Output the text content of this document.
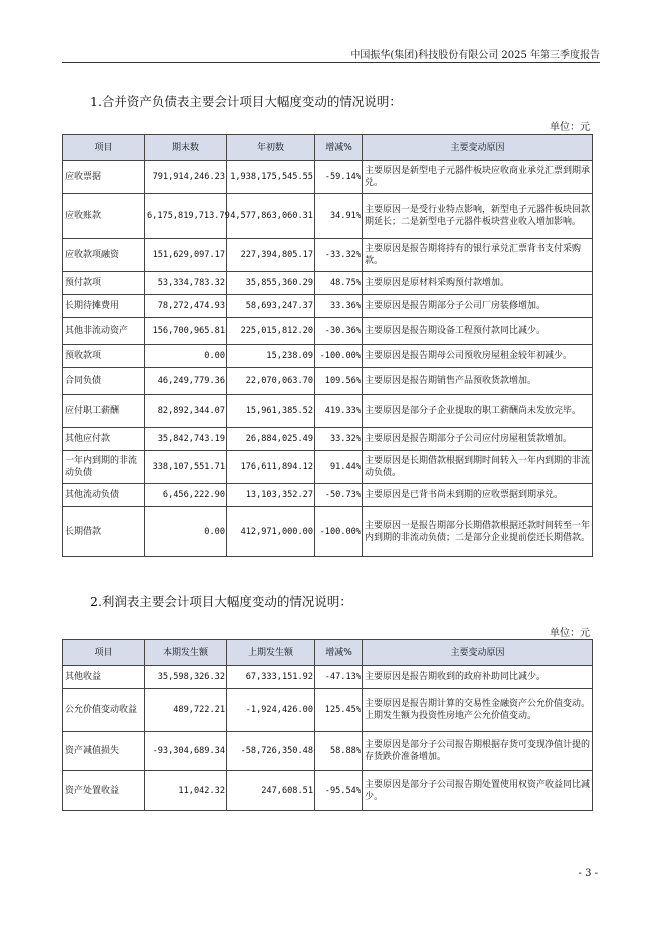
中国振华(集团)科技股份有限公司 2025 年第三季度报告
1.合并资产负债表主要会计项目大幅度变动的情况说明：
单位：元
项目	期末数	年初数	增减%	主要变动原因
应收票据	791,914,246.23	1,938,175,545.55	-59.14%	主要原因是新型电子元器件板块应收商业承兑汇票到期承兑。
应收账款	6,175,819,713.79	4,577,863,060.31	34.91%	主要原因一是受行业特点影响，新型电子元器件板块回款期延长；二是新型电子元器件板块营业收入增加影响。
应收款项融资	151,629,097.17	227,394,805.17	-33.32%	主要原因是报告期将持有的银行承兑汇票背书支付采购款。
预付款项	53,334,783.32	35,855,360.29	48.75%	主要原因是原材料采购预付款增加。
长期待摊费用	78,272,474.93	58,693,247.37	33.36%	主要原因是报告期部分子公司厂房装修增加。
其他非流动资产	156,700,965.81	225,015,812.20	-30.36%	主要原因是报告期设备工程预付款同比减少。
预收款项	0.00	15,238.09	-100.00%	主要原因是报告期母公司预收房屋租金较年初减少。
合同负债	46,249,779.36	22,070,063.70	109.56%	主要原因是报告期销售产品预收货款增加。
应付职工薪酬	82,892,344.07	15,961,385.52	419.33%	主要原因是部分子企业提取的职工薪酬尚未发放完毕。
其他应付款	35,842,743.19	26,884,025.49	33.32%	主要原因是报告期部分子公司应付房屋租赁款增加。
一年内到期的非流动负债	338,107,551.71	176,611,894.12	91.44%	主要原因是长期借款根据到期时间转入一年内到期的非流动负债。
其他流动负债	6,456,222.90	13,103,352.27	-50.73%	主要原因是已背书尚未到期的应收票据到期承兑。
长期借款	0.00	412,971,000.00	-100.00%	主要原因一是报告期部分长期借款根据还款时间转至一年内到期的非流动负债；二是部分企业提前偿还长期借款。
2.利润表主要会计项目大幅度变动的情况说明：
单位：元
项目	本期发生额	上期发生额	增减%	主要变动原因
其他收益	35,598,326.32	67,333,151.92	-47.13%	主要原因是报告期收到的政府补助同比减少。
公允价值变动收益	489,722.21	-1,924,426.00	125.45%	主要原因是报告期计算的交易性金融资产公允价值变动。上期发生额为投资性房地产公允价值变动。
资产减值损失	-93,304,689.34	-58,726,350.48	58.88%	主要原因是部分子公司报告期根据存货可变现净值计提的存货跌价准备增加。
资产处置收益	11,042.32	247,608.51	-95.54%	主要原因是部分子公司报告期处置使用权资产收益同比减少。
- 3 -
